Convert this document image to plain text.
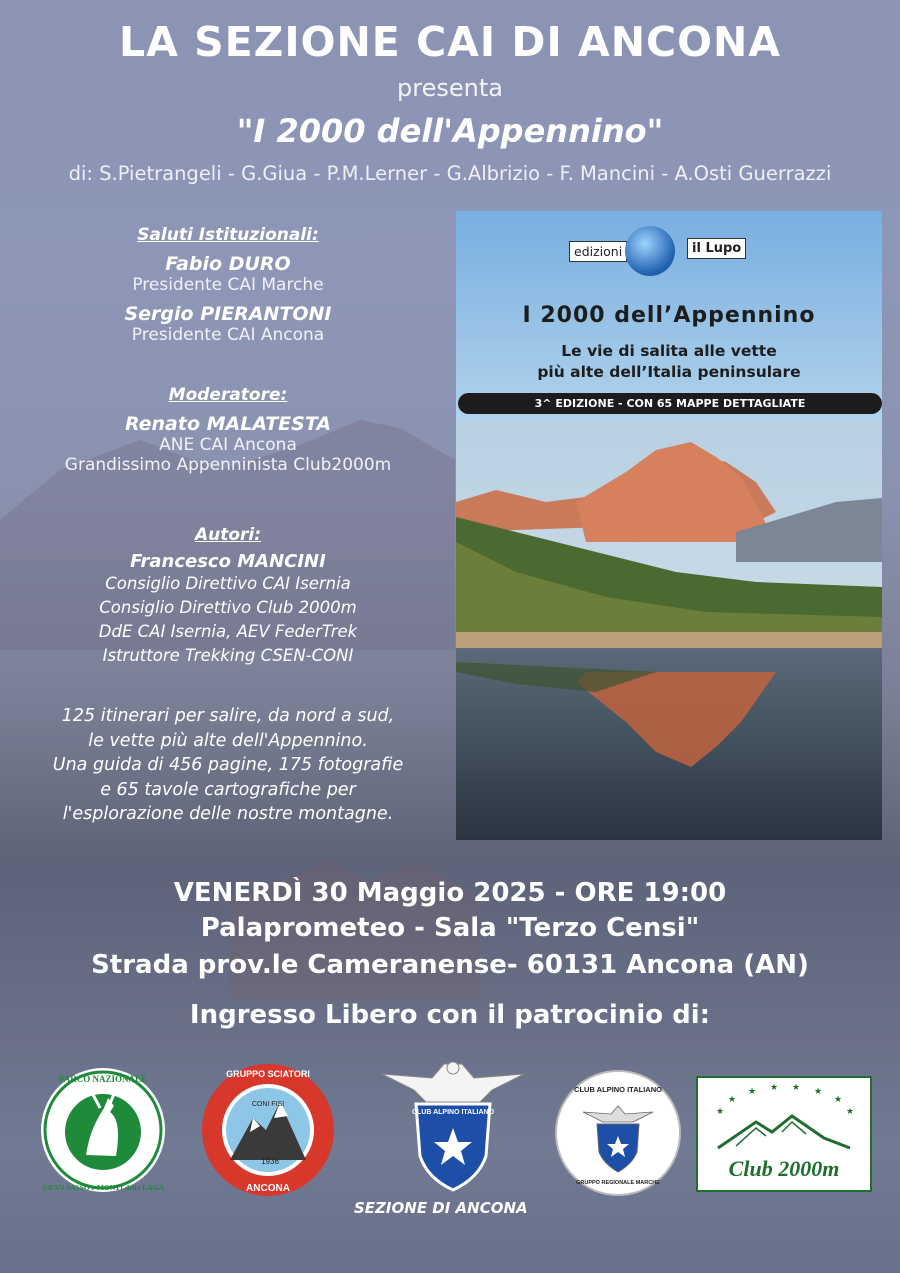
LA SEZIONE CAI DI ANCONA
presenta
"I 2000 dell'Appennino"
di: S.Pietrangeli - G.Giua - P.M.Lerner - G.Albrizio - F. Mancini - A.Osti Guerrazzi
Saluti Istituzionali:
Fabio DURO
Presidente CAI Marche
Sergio PIERANTONI
Presidente CAI Ancona
Moderatore:
Renato MALATESTA
ANE CAI Ancona
Grandissimo Appenninista Club2000m
Autori:
Francesco MANCINI
Consiglio Direttivo CAI Isernia
Consiglio Direttivo Club 2000m
DdE CAI Isernia, AEV FederTrek
Istruttore Trekking CSEN-CONI
125 itinerari per salire, da nord a sud,
le vette più alte dell'Appennino.
Una guida di 456 pagine, 175 fotografie
e 65 tavole cartografiche per
l'esplorazione delle nostre montagne.
edizioni	il Lupo
I 2000 dell’Appennino
Le vie di salita alle vette
più alte dell’Italia peninsulare
3^ EDIZIONE - CON 65 MAPPE DETTAGLIATE
VENERDÌ 30 Maggio 2025 - ORE 19:00
Palaprometeo - Sala "Terzo Censi"
Strada prov.le Cameranense- 60131 Ancona (AN)
Ingresso Libero con il patrocinio di:
PARCO NAZIONALE
GRAN SASSO e MONTI della LAGA
CONI FISI
1936
GRUPPO SCIATORI
ANCONA
CLUB ALPINO ITALIANO
SEZIONE DI ANCONA
CLUB ALPINO ITALIANO
GRUPPO REGIONALE MARCHE
★
★ ★ ★ ★
★
★	★
Club 2000m
